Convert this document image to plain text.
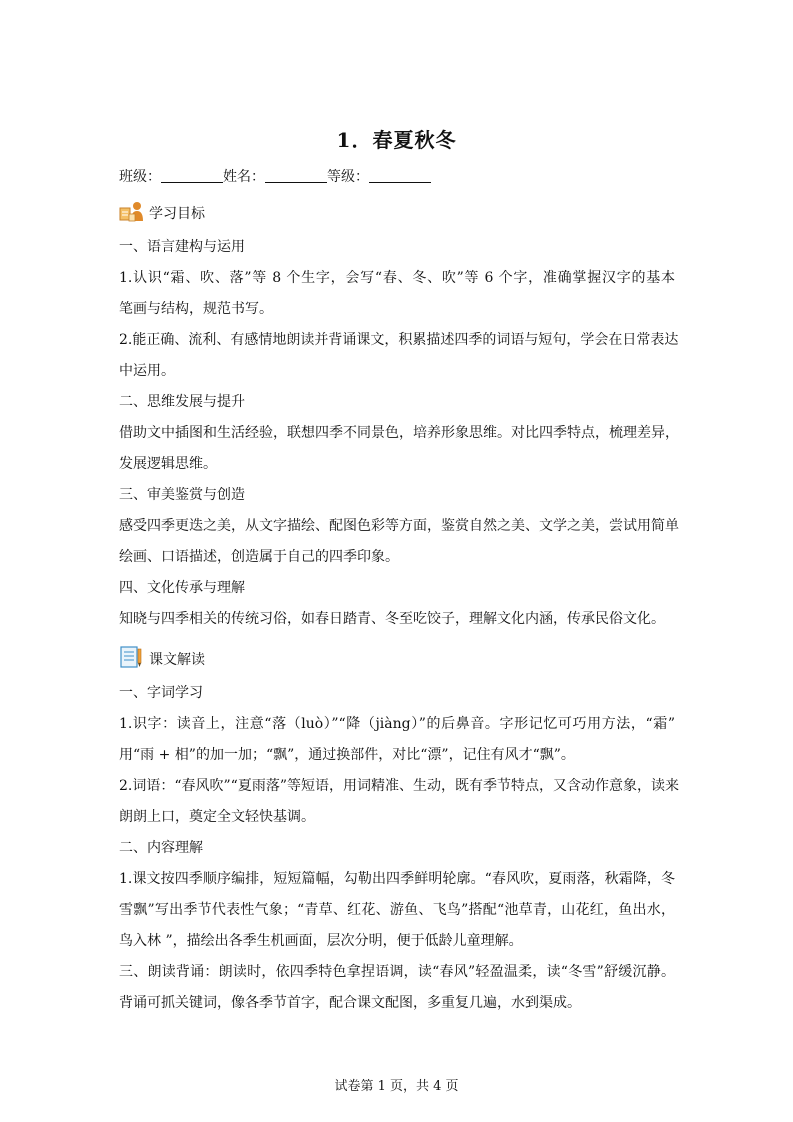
1．春夏秋冬
班级：	姓名：	等级：
学习目标
一、语言建构与运用
1.认识“霜、吹、落”等 8 个生字，会写“春、冬、吹”等 6 个字，准确掌握汉字的基本
笔画与结构，规范书写。
2.能正确、流利、有感情地朗读并背诵课文，积累描述四季的词语与短句，学会在日常表达
中运用。
二、思维发展与提升
借助文中插图和生活经验，联想四季不同景色，培养形象思维。对比四季特点，梳理差异，
发展逻辑思维。
三、审美鉴赏与创造
感受四季更迭之美，从文字描绘、配图色彩等方面，鉴赏自然之美、文学之美，尝试用简单
绘画、口语描述，创造属于自己的四季印象。
四、文化传承与理解
知晓与四季相关的传统习俗，如春日踏青、冬至吃饺子，理解文化内涵，传承民俗文化。
课文解读
一、字词学习
1.识字：读音上，注意“落（luò）”“降（jiàng）”的后鼻音。字形记忆可巧用方法，“霜”
用“雨 + 相”的加一加；“飘”，通过换部件，对比“漂”，记住有风才“飘”。
2.词语：“春风吹”“夏雨落”等短语，用词精准、生动，既有季节特点，又含动作意象，读来
朗朗上口，奠定全文轻快基调。
二、内容理解
1.课文按四季顺序编排，短短篇幅，勾勒出四季鲜明轮廓。“春风吹，夏雨落，秋霜降，冬
雪飘”写出季节代表性气象；“青草、红花、游鱼、飞鸟”搭配“池草青，山花红，鱼出水，
鸟入林 ”，描绘出各季生机画面，层次分明，便于低龄儿童理解。
三、朗读背诵：朗读时，依四季特色拿捏语调，读“春风”轻盈温柔，读“冬雪”舒缓沉静。
背诵可抓关键词，像各季节首字，配合课文配图，多重复几遍，水到渠成。
试卷第 1 页，共 4 页
